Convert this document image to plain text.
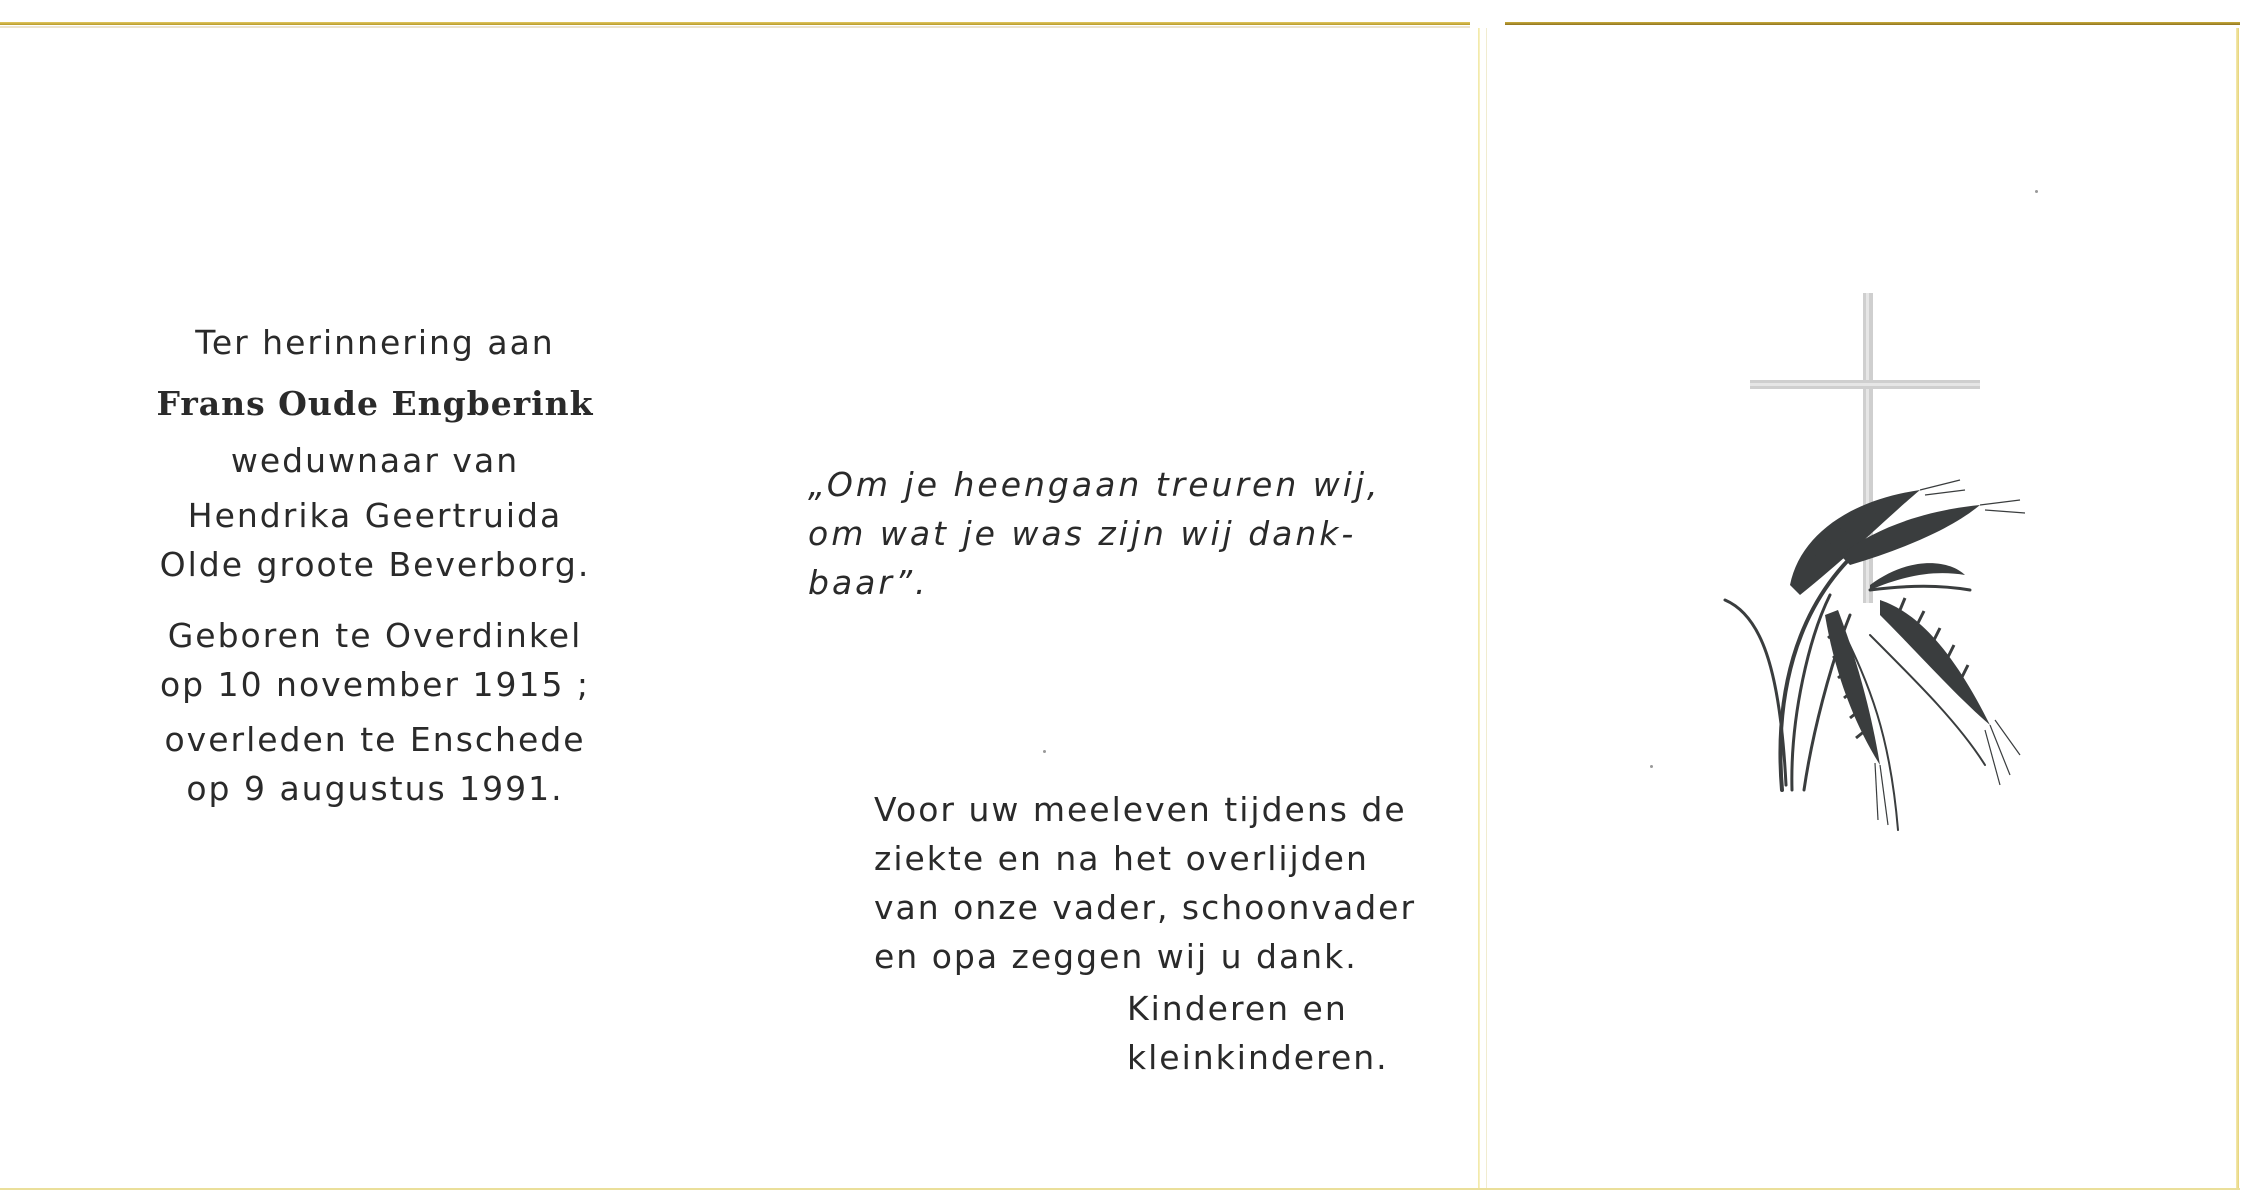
Ter herinnering aan
Frans Oude Engberink
weduwnaar van
Hendrika Geertruida
Olde groote Beverborg.
Geboren te Overdinkel
op 10 november 1915 ;
overleden te Enschede
op 9 augustus 1991.
„Om je heengaan treuren wij,
om wat je was zijn wij dank-
baar”.
Voor uw meeleven tijdens de
ziekte en na het overlijden
van onze vader, schoonvader
en opa zeggen wij u dank.
Kinderen en
kleinkinderen.
